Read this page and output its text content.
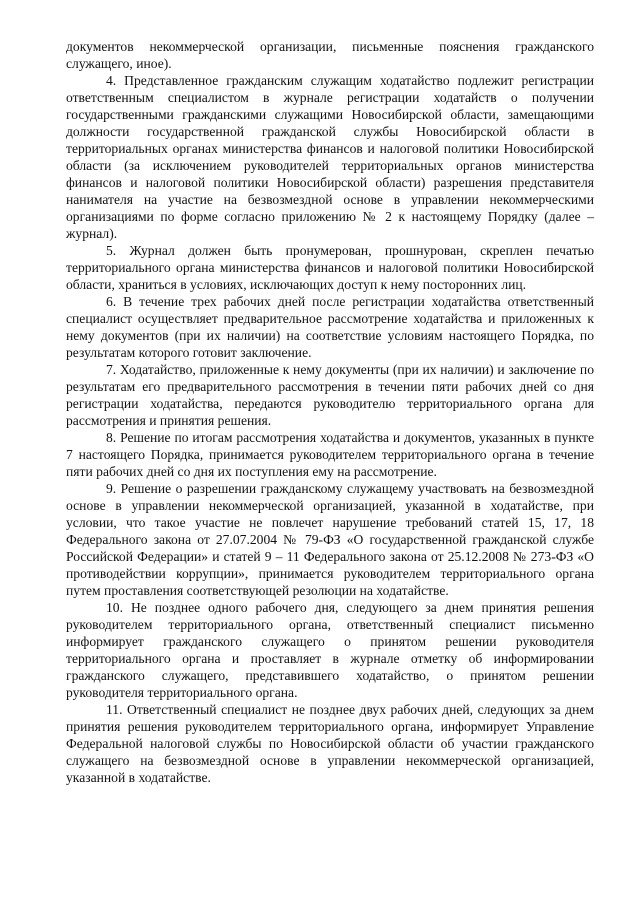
документов некоммерческой организации, письменные пояснения гражданского служащего, иное).

4. Представленное гражданским служащим ходатайство подлежит регистрации ответственным специалистом в журнале регистрации ходатайств о получении государственными гражданскими служащими Новосибирской области, замещающими должности государственной гражданской службы Новосибирской области в территориальных органах министерства финансов и налоговой политики Новосибирской области (за исключением руководителей территориальных органов министерства финансов и налоговой политики Новосибирской области) разрешения представителя нанимателя на участие на безвозмездной основе в управлении некоммерческими организациями по форме согласно приложению № 2 к настоящему Порядку (далее – журнал).

5. Журнал должен быть пронумерован, прошнурован, скреплен печатью территориального органа министерства финансов и налоговой политики Новосибирской области, храниться в условиях, исключающих доступ к нему посторонних лиц.

6. В течение трех рабочих дней после регистрации ходатайства ответственный специалист осуществляет предварительное рассмотрение ходатайства и приложенных к нему документов (при их наличии) на соответствие условиям настоящего Порядка, по результатам которого готовит заключение.

7. Ходатайство, приложенные к нему документы (при их наличии) и заключение по результатам его предварительного рассмотрения в течении пяти рабочих дней со дня регистрации ходатайства, передаются руководителю территориального органа для рассмотрения и принятия решения.

8. Решение по итогам рассмотрения ходатайства и документов, указанных в пункте 7 настоящего Порядка, принимается руководителем территориального органа в течение пяти рабочих дней со дня их поступления ему на рассмотрение.

9. Решение о разрешении гражданскому служащему участвовать на безвозмездной основе в управлении некоммерческой организацией, указанной в ходатайстве, при условии, что такое участие не повлечет нарушение требований статей 15, 17, 18 Федерального закона от 27.07.2004 № 79-ФЗ «О государственной гражданской службе Российской Федерации» и статей 9 – 11 Федерального закона от 25.12.2008 № 273-ФЗ «О противодействии коррупции», принимается руководителем территориального органа путем проставления соответствующей резолюции на ходатайстве.

10. Не позднее одного рабочего дня, следующего за днем принятия решения руководителем территориального органа, ответственный специалист письменно информирует гражданского служащего о принятом решении руководителя территориального органа и проставляет в журнале отметку об информировании гражданского служащего, представившего ходатайство, о принятом решении руководителя территориального органа.

11. Ответственный специалист не позднее двух рабочих дней, следующих за днем принятия решения руководителем территориального органа, информирует Управление Федеральной налоговой службы по Новосибирской области об участии гражданского служащего на безвозмездной основе в управлении некоммерческой организацией, указанной в ходатайстве.
